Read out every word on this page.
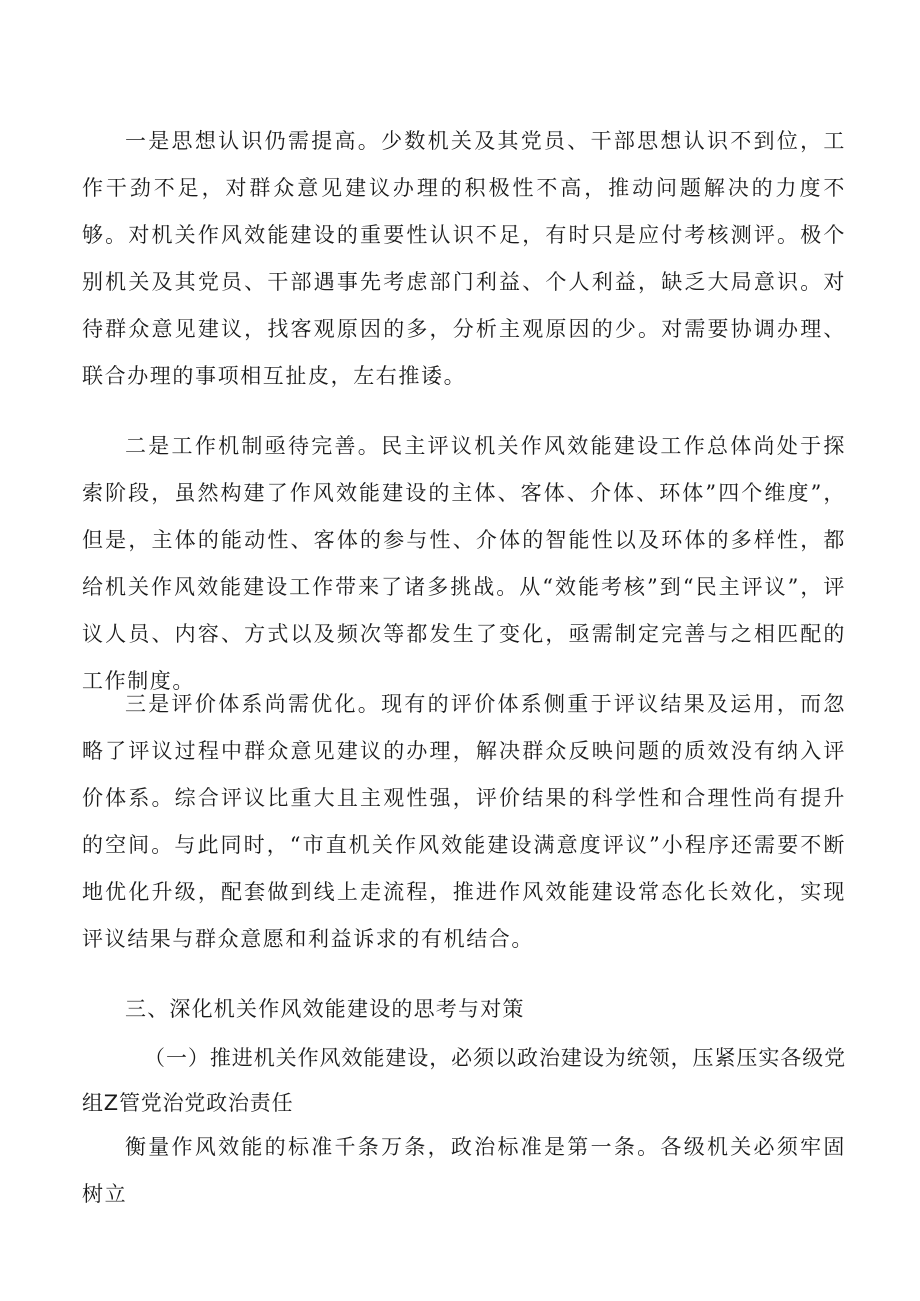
一是思想认识仍需提高。少数机关及其党员、干部思想认识不到位，工作干劲不足，对群众意见建议办理的积极性不高，推动问题解决的力度不够。对机关作风效能建设的重要性认识不足，有时只是应付考核测评。极个别机关及其党员、干部遇事先考虑部门利益、个人利益，缺乏大局意识。对待群众意见建议，找客观原因的多，分析主观原因的少。对需要协调办理、联合办理的事项相互扯皮，左右推诿。

二是工作机制亟待完善。民主评议机关作风效能建设工作总体尚处于探索阶段，虽然构建了作风效能建设的主体、客体、介体、环体”四个维度”，但是，主体的能动性、客体的参与性、介体的智能性以及环体的多样性，都给机关作风效能建设工作带来了诸多挑战。从“效能考核”到“民主评议”，评议人员、内容、方式以及频次等都发生了变化，亟需制定完善与之相匹配的工作制度。

三是评价体系尚需优化。现有的评价体系侧重于评议结果及运用，而忽略了评议过程中群众意见建议的办理，解决群众反映问题的质效没有纳入评价体系。综合评议比重大且主观性强，评价结果的科学性和合理性尚有提升的空间。与此同时，“市直机关作风效能建设满意度评议”小程序还需要不断地优化升级，配套做到线上走流程，推进作风效能建设常态化长效化，实现评议结果与群众意愿和利益诉求的有机结合。

三、深化机关作风效能建设的思考与对策

（一）推进机关作风效能建设，必须以政治建设为统领，压紧压实各级党组Z管党治党政治责任

衡量作风效能的标准千条万条，政治标准是第一条。各级机关必须牢固树立
